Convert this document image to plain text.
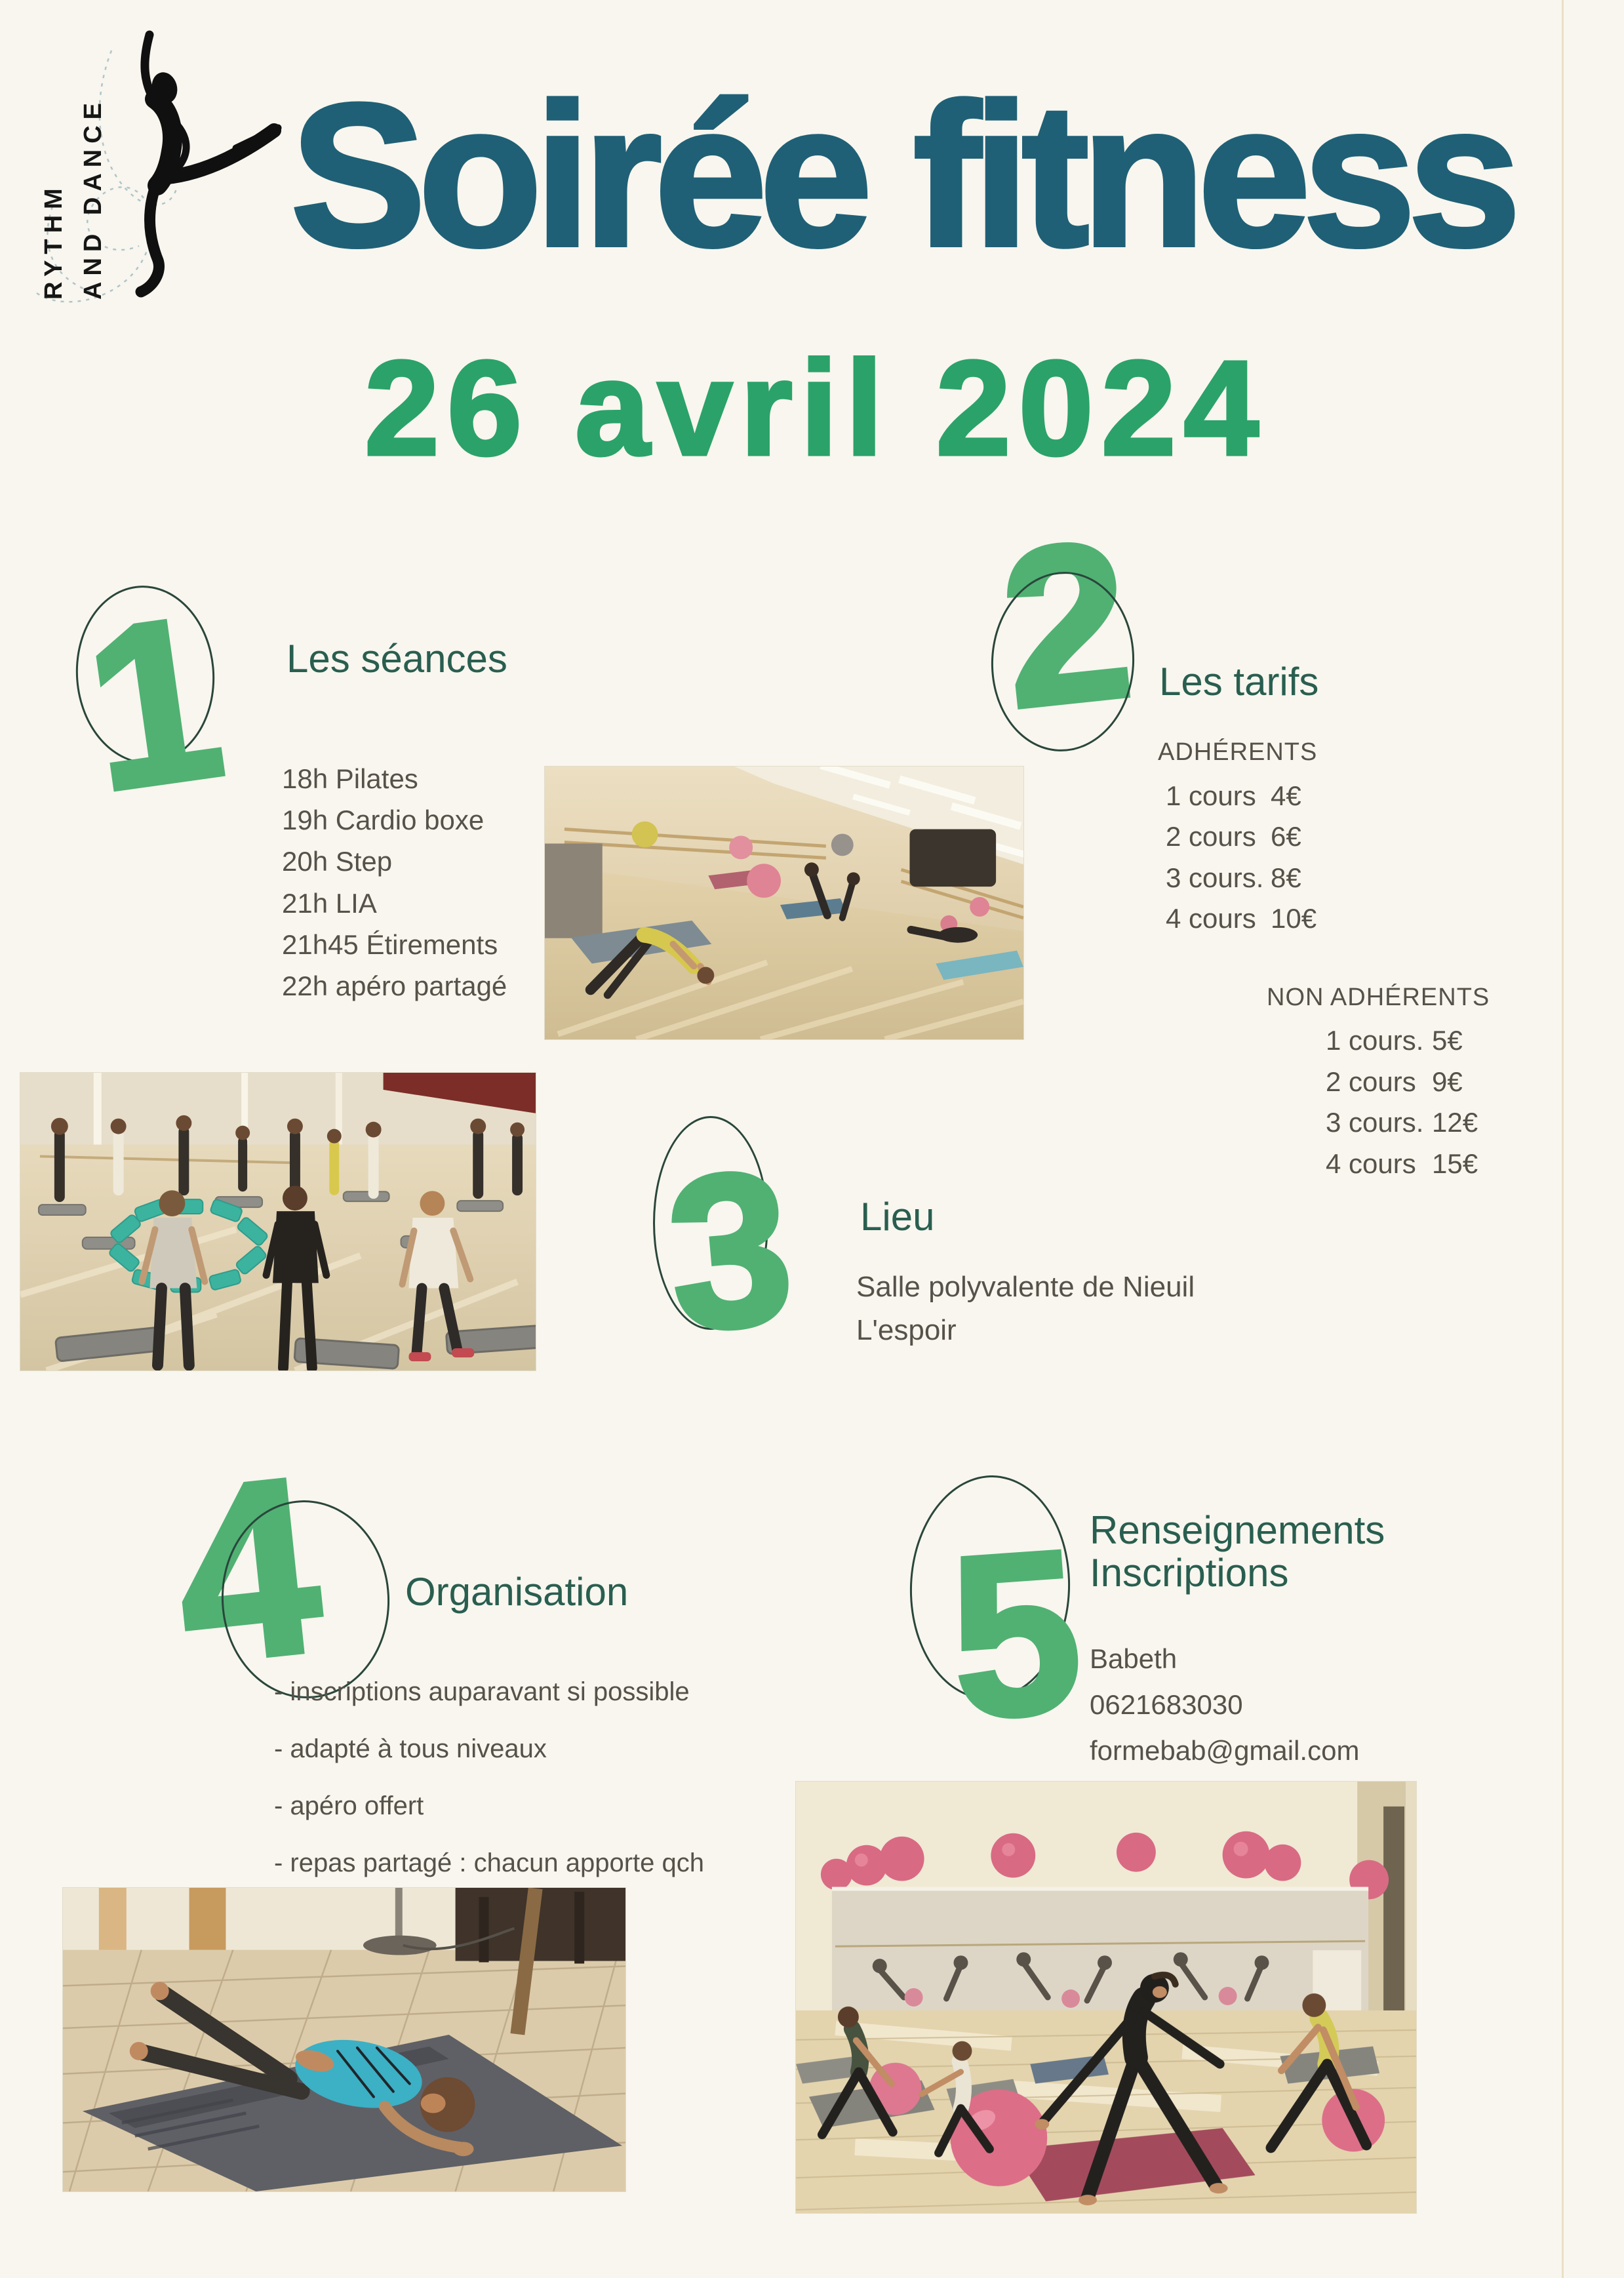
RYTHM AND DANCE Soirée fitness
26 avril 2024
1 Les séances
18h Pilates
19h Cardio boxe
20h Step
21h LIA
21h45 Étirements
22h apéro partagé
2 Les tarifs
ADHÉRENTS
1 cours 4€
2 cours 6€
3 cours. 8€
4 cours 10€
NON ADHÉRENTS
1 cours. 5€
2 cours 9€
3 cours. 12€
4 cours 15€
3 Lieu
Salle polyvalente de Nieuil
L'espoir
4 Organisation
- inscriptions auparavant si possible
- adapté à tous niveaux
- apéro offert
- repas partagé : chacun apporte qch
5 Renseignements
Inscriptions
Babeth
0621683030
formebab@gmail.com
